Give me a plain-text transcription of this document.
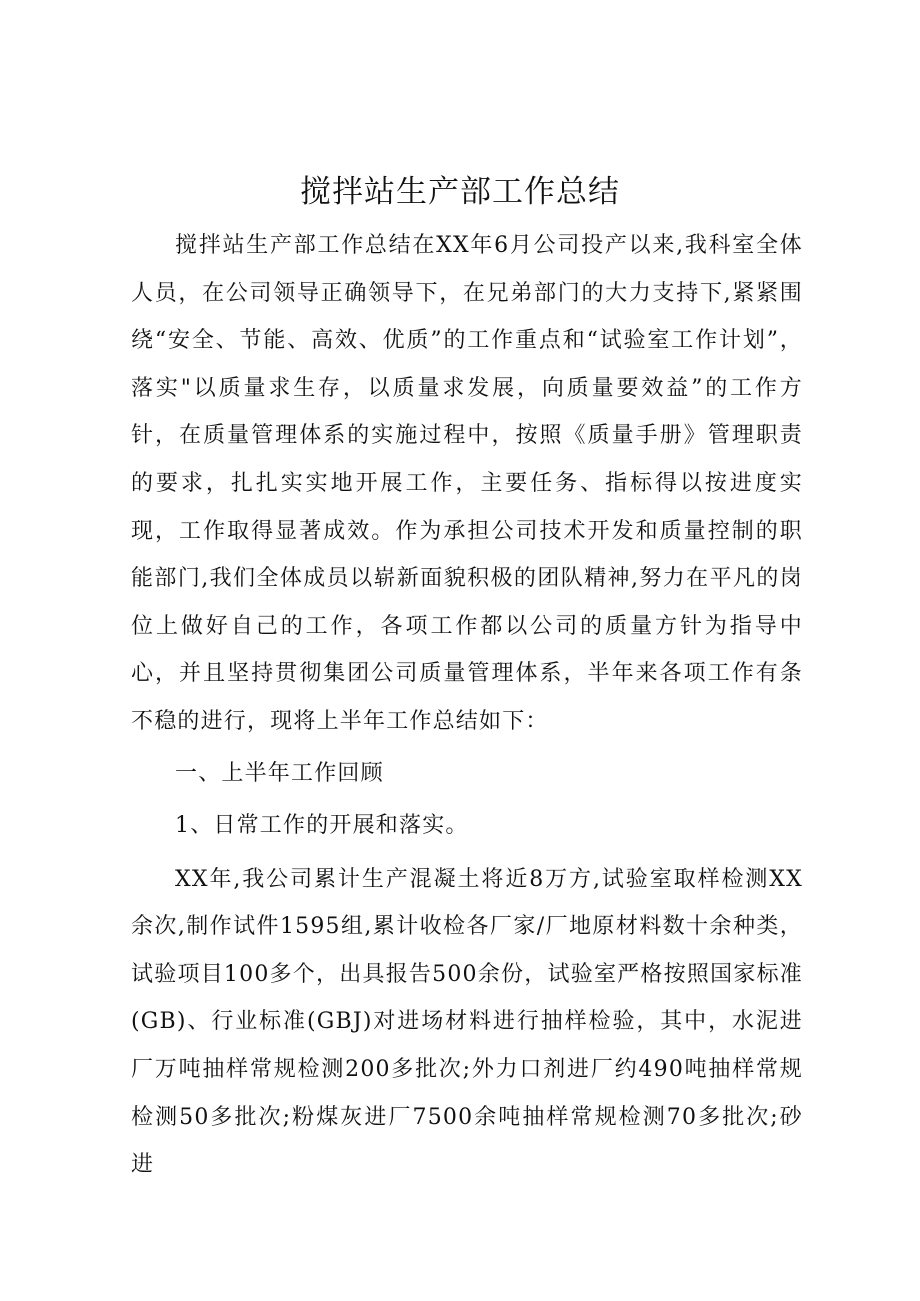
搅拌站生产部工作总结

搅拌站生产部工作总结在XX年6月公司投产以来,我科室全体人员，在公司领导正确领导下，在兄弟部门的大力支持下,紧紧围绕“安全、节能、高效、优质”的工作重点和“试验室工作计划”，落实"以质量求生存，以质量求发展，向质量要效益”的工作方针，在质量管理体系的实施过程中，按照《质量手册》管理职责的要求，扎扎实实地开展工作，主要任务、指标得以按进度实现，工作取得显著成效。作为承担公司技术开发和质量控制的职能部门,我们全体成员以崭新面貌积极的团队精神,努力在平凡的岗位上做好自己的工作，各项工作都以公司的质量方针为指导中心，并且坚持贯彻集团公司质量管理体系，半年来各项工作有条不稳的进行，现将上半年工作总结如下：

一、上半年工作回顾

1、日常工作的开展和落实。

XX年,我公司累计生产混凝土将近8万方,试验室取样检测XX余次,制作试件1595组,累计收检各厂家/厂地原材料数十余种类，试验项目100多个，出具报告500余份，试验室严格按照国家标准(GB)、行业标准(GBJ)对进场材料进行抽样检验，其中，水泥进厂万吨抽样常规检测200多批次;外力口剂进厂约490吨抽样常规检测50多批次;粉煤灰进厂7500余吨抽样常规检测70多批次;砂进
